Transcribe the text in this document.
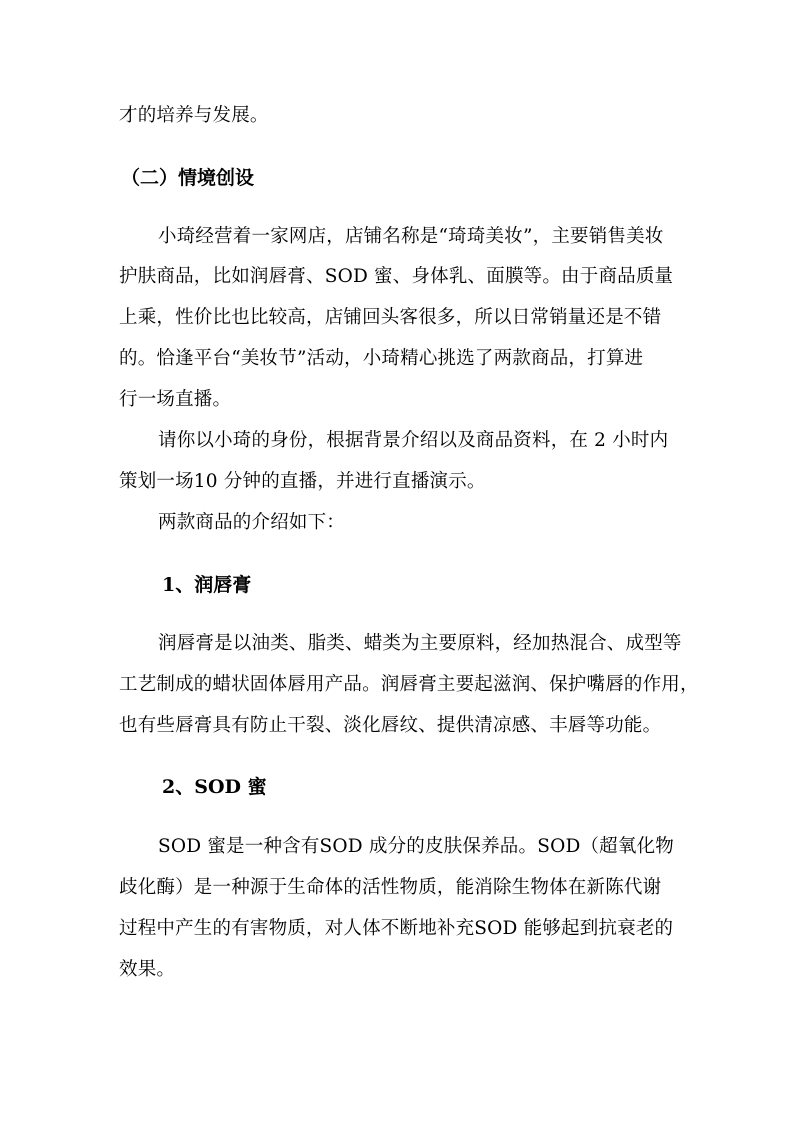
才的培养与发展。
（二）情境创设
小琦经营着一家网店，店铺名称是“琦琦美妆”，主要销售美妆
护肤商品，比如润唇膏、SOD 蜜、身体乳、面膜等。由于商品质量
上乘，性价比也比较高，店铺回头客很多，所以日常销量还是不错
的。恰逢平台“美妆节”活动，小琦精心挑选了两款商品，打算进
行一场直播。
请你以小琦的身份，根据背景介绍以及商品资料，在 2 小时内
策划一场10 分钟的直播，并进行直播演示。
两款商品的介绍如下：
1、润唇膏
润唇膏是以油类、脂类、蜡类为主要原料，经加热混合、成型等
工艺制成的蜡状固体唇用产品。润唇膏主要起滋润、保护嘴唇的作用，
也有些唇膏具有防止干裂、淡化唇纹、提供清凉感、丰唇等功能。
2、SOD 蜜
SOD 蜜是一种含有SOD 成分的皮肤保养品。SOD（超氧化物
歧化酶）是一种源于生命体的活性物质，能消除生物体在新陈代谢
过程中产生的有害物质，对人体不断地补充SOD 能够起到抗衰老的
效果。
